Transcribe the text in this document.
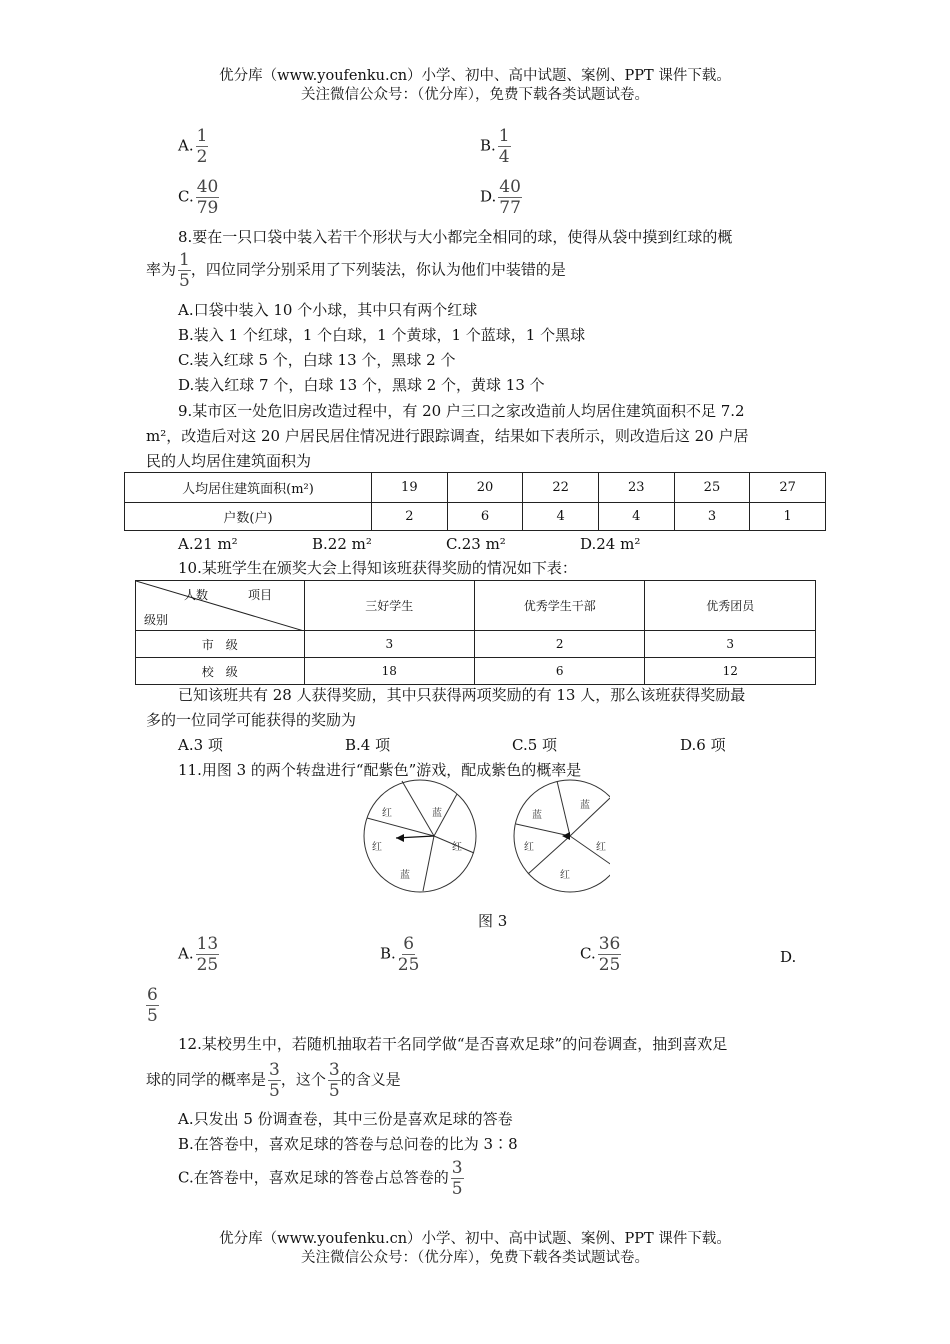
优分库（www.youfenku.cn）小学、初中、高中试题、案例、PPT 课件下载。
关注微信公众号：（优分库），免费下载各类试题试卷。
A. $\frac{1}{2}$	B. $\frac{1}{4}$
C. $\frac{40}{79}$	D. $\frac{40}{77}$
8.要在一只口袋中装入若干个形状与大小都完全相同的球，使得从袋中摸到红球的概
率为 $\frac{1}{5}$ ，四位同学分别采用了下列装法，你认为他们中装错的是
A.口袋中装入 10 个小球，其中只有两个红球
B.装入 1 个红球，1 个白球，1 个黄球，1 个蓝球，1 个黑球
C.装入红球 5 个，白球 13 个，黑球 2 个
D.装入红球 7 个，白球 13 个，黑球 2 个，黄球 13 个
9.某市区一处危旧房改造过程中，有 20 户三口之家改造前人均居住建筑面积不足 7.2
m²，改造后对这 20 户居民居住情况进行跟踪调查，结果如下表所示，则改造后这 20 户居
民的人均居住建筑面积为
人均居住建筑面积(m²)	19	20	22	23	25	27
户数(户)	2	6	4	4	3	1
A.21 m²	B.22 m²	C.23 m²	D.24 m²
10.某班学生在颁奖大会上得知该班获得奖励的情况如下表：
人数 项目
级别	三好学生	优秀学生干部	优秀团员
市　级	3	2	3
校　级	18	6	12
已知该班共有 28 人获得奖励，其中只获得两项奖励的有 13 人，那么该班获得奖励最
多的一位同学可能获得的奖励为
A.3 项	B.4 项	C.5 项	D.6 项
11.用图 3 的两个转盘进行“配紫色”游戏，配成紫色的概率是
蓝
红
红
蓝
红
蓝
红
红
红
蓝
图 3
A. $\frac{13}{25}$	B. $\frac{6}{25}$	C. $\frac{36}{25}$	D.
$\frac{6}{5}$
12.某校男生中，若随机抽取若干名同学做“是否喜欢足球”的问卷调查，抽到喜欢足
球的同学的概率是 $\frac{3}{5}$ ，这个 $\frac{3}{5}$ 的含义是
A.只发出 5 份调查卷，其中三份是喜欢足球的答卷
B.在答卷中，喜欢足球的答卷与总问卷的比为 3∶8
C.在答卷中，喜欢足球的答卷占总答卷的 $\frac{3}{5}$
优分库（www.youfenku.cn）小学、初中、高中试题、案例、PPT 课件下载。
关注微信公众号：（优分库），免费下载各类试题试卷。
